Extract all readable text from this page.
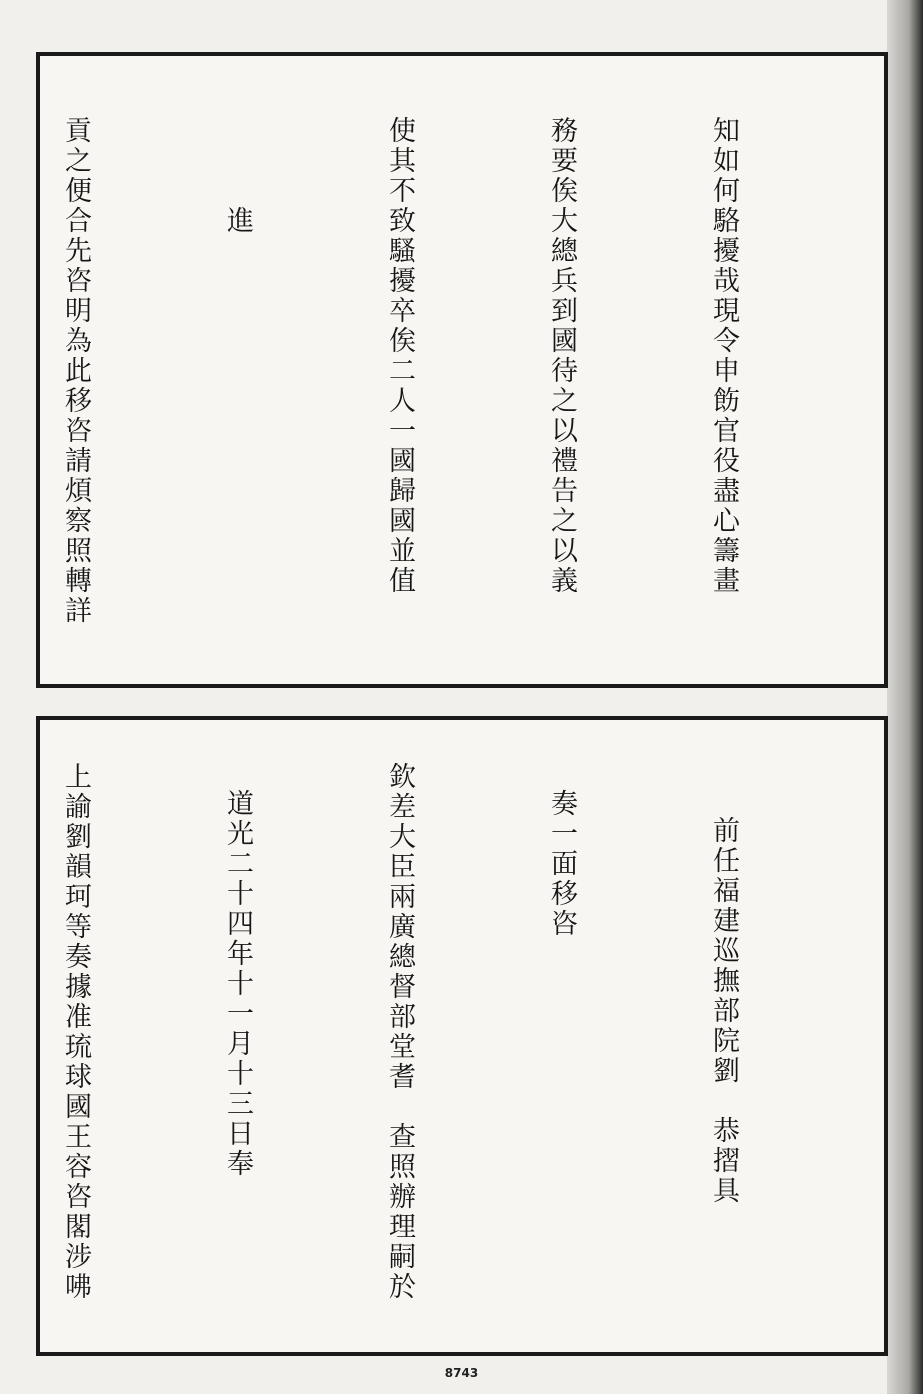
知如何駱擾哉現令申飭官役盡心籌畫

務要俟大總兵到國待之以禮告之以義

使其不致騷擾卒俟二人一國歸國並值

進

貢之便合先咨明為此移咨請煩察照轉詳

前任福建巡撫部院劉　恭摺具

奏一面移咨

欽差大臣兩廣總督部堂耆　查照辦理嗣於

道光二十四年十一月十三日奉

上諭劉韻珂等奏據准琉球國王容咨閣涉咈

8743
